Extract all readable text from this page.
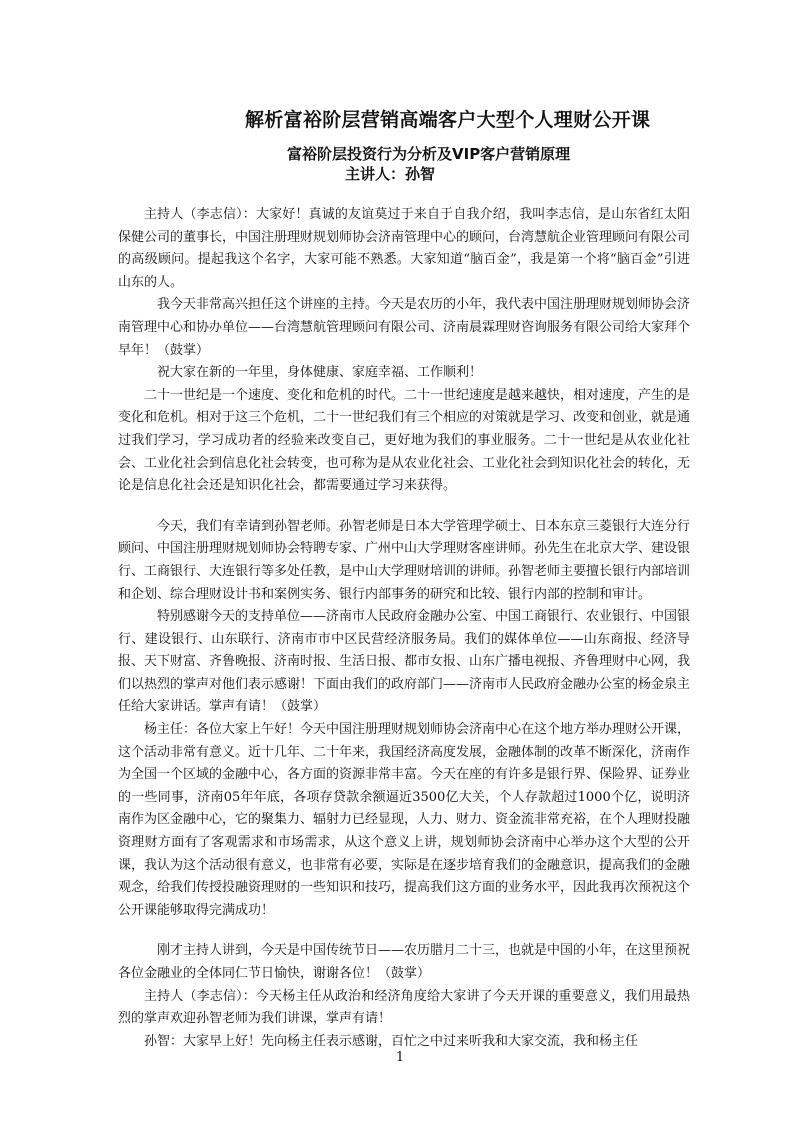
解析富裕阶层营销高端客户大型个人理财公开课
富裕阶层投资行为分析及VIP客户营销原理
主讲人：孙智

主持人（李志信）：大家好！真诚的友谊莫过于来自于自我介绍，我叫李志信，是山东省红太阳保健公司的董事长，中国注册理财规划师协会济南管理中心的顾问，台湾慧航企业管理顾问有限公司的高级顾问。提起我这个名字，大家可能不熟悉。大家知道“脑百金”，我是第一个将“脑百金”引进山东的人。

我今天非常高兴担任这个讲座的主持。今天是农历的小年，我代表中国注册理财规划师协会济南管理中心和协办单位——台湾慧航管理顾问有限公司、济南晨霖理财咨询服务有限公司给大家拜个早年！（鼓掌）

祝大家在新的一年里，身体健康、家庭幸福、工作顺利！

二十一世纪是一个速度、变化和危机的时代。二十一世纪速度是越来越快，相对速度，产生的是变化和危机。相对于这三个危机，二十一世纪我们有三个相应的对策就是学习、改变和创业，就是通过我们学习，学习成功者的经验来改变自己，更好地为我们的事业服务。二十一世纪是从农业化社会、工业化社会到信息化社会转变，也可称为是从农业化社会、工业化社会到知识化社会的转化，无论是信息化社会还是知识化社会，都需要通过学习来获得。

今天，我们有幸请到孙智老师。孙智老师是日本大学管理学硕士、日本东京三菱银行大连分行顾问、中国注册理财规划师协会特聘专家、广州中山大学理财客座讲师。孙先生在北京大学、建设银行、工商银行、大连银行等多处任教，是中山大学理财培训的讲师。孙智老师主要擅长银行内部培训和企划、综合理财设计书和案例实务、银行内部事务的研究和比较、银行内部的控制和审计。

特别感谢今天的支持单位——济南市人民政府金融办公室、中国工商银行、农业银行、中国银行、建设银行、山东联行、济南市市中区民营经济服务局。我们的媒体单位——山东商报、经济导报、天下财富、齐鲁晚报、济南时报、生活日报、都市女报、山东广播电视报、齐鲁理财中心网，我们以热烈的掌声对他们表示感谢！下面由我们的政府部门——济南市人民政府金融办公室的杨金泉主任给大家讲话。掌声有请！（鼓掌）

杨主任：各位大家上午好！今天中国注册理财规划师协会济南中心在这个地方举办理财公开课，这个活动非常有意义。近十几年、二十年来，我国经济高度发展，金融体制的改革不断深化，济南作为全国一个区域的金融中心，各方面的资源非常丰富。今天在座的有许多是银行界、保险界、证券业的一些同事，济南05年年底，各项存贷款余额逼近3500亿大关，个人存款超过1000个亿，说明济南作为区金融中心，它的聚集力、辐射力已经显现，人力、财力、资金流非常充裕，在个人理财投融资理财方面有了客观需求和市场需求，从这个意义上讲，规划师协会济南中心举办这个大型的公开课，我认为这个活动很有意义，也非常有必要，实际是在逐步培育我们的金融意识，提高我们的金融观念，给我们传授投融资理财的一些知识和技巧，提高我们这方面的业务水平，因此我再次预祝这个公开课能够取得完满成功！

刚才主持人讲到，今天是中国传统节日——农历腊月二十三，也就是中国的小年，在这里预祝各位金融业的全体同仁节日愉快，谢谢各位！（鼓掌）

主持人（李志信）：今天杨主任从政治和经济角度给大家讲了今天开课的重要意义，我们用最热烈的掌声欢迎孙智老师为我们讲课，掌声有请！

孙智：大家早上好！先向杨主任表示感谢，百忙之中过来听我和大家交流，我和杨主任

1
